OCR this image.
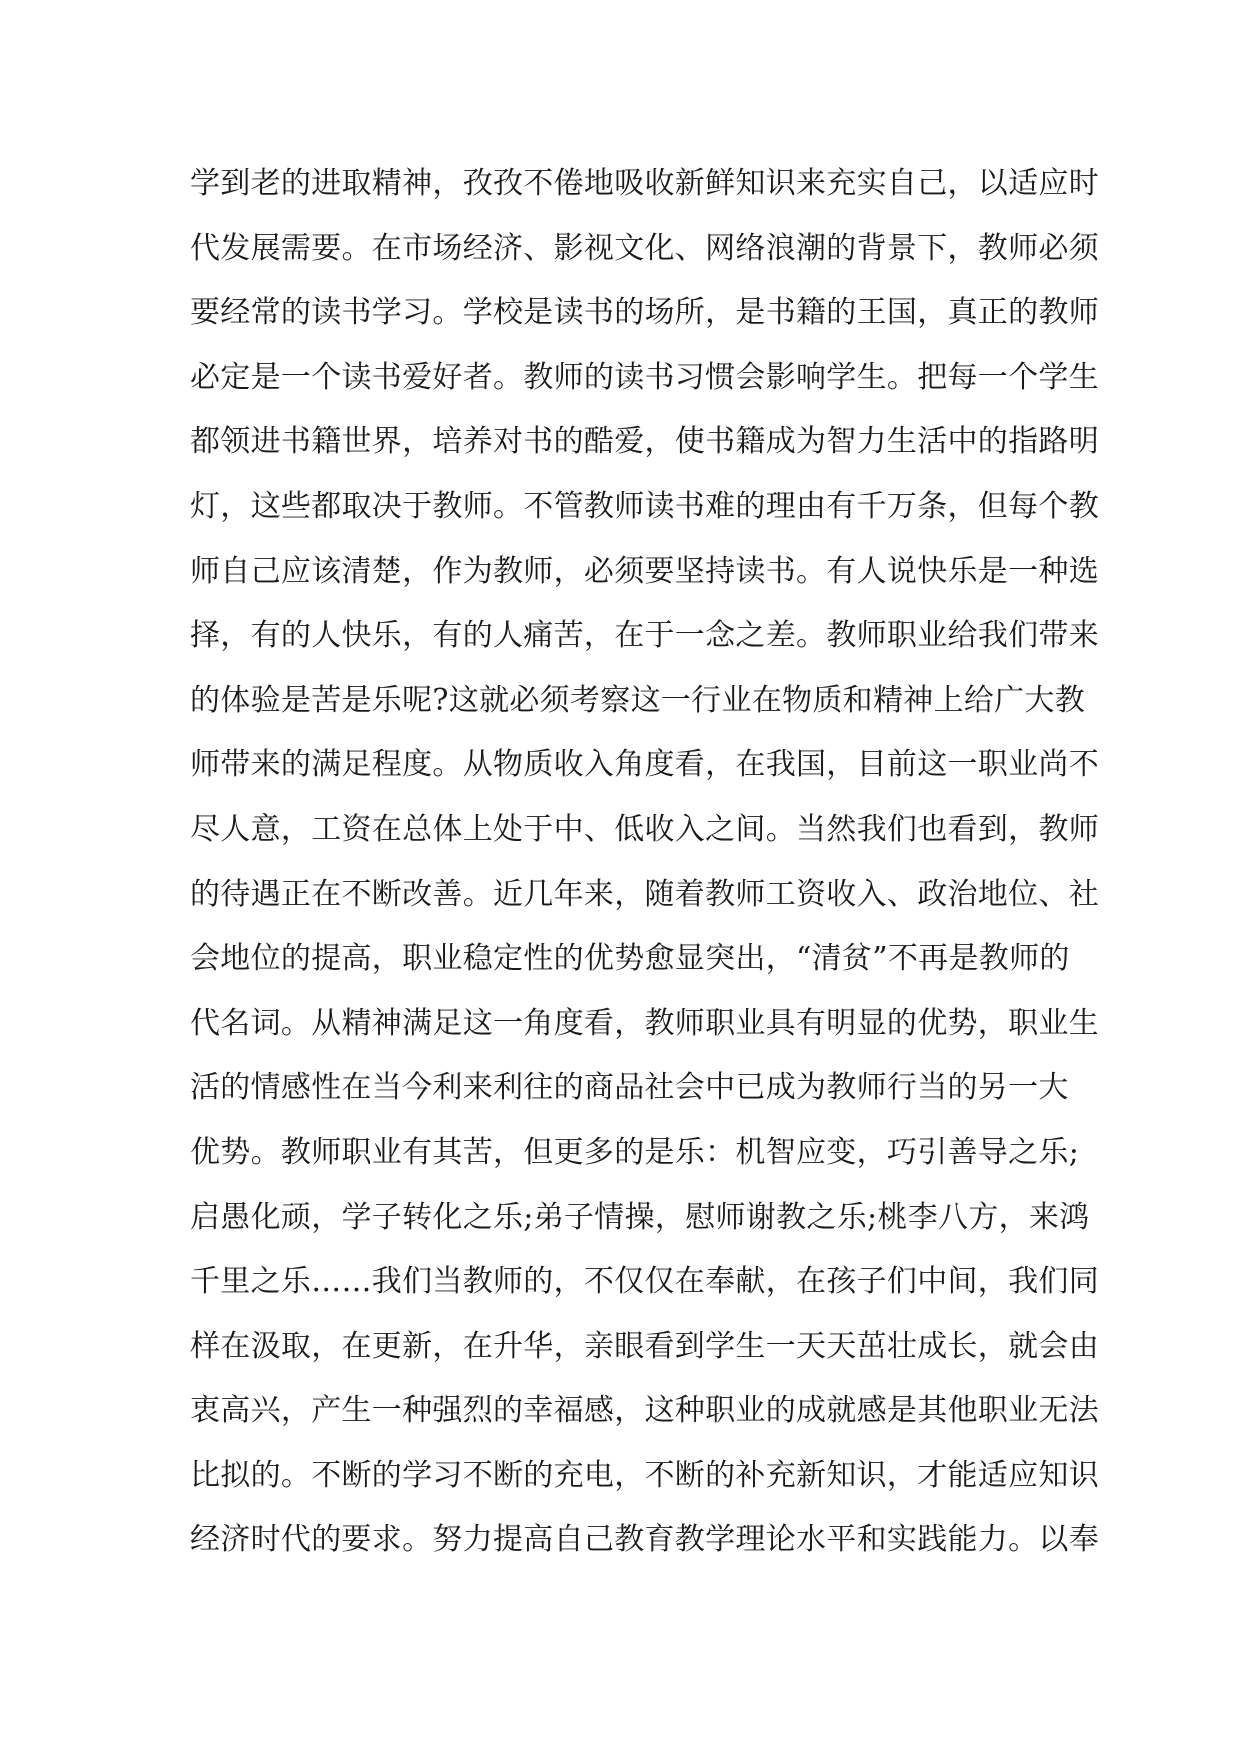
学到老的进取精神，孜孜不倦地吸收新鲜知识来充实自己，以适应时
代发展需要。在市场经济、影视文化、网络浪潮的背景下，教师必须
要经常的读书学习。学校是读书的场所，是书籍的王国，真正的教师
必定是一个读书爱好者。教师的读书习惯会影响学生。把每一个学生
都领进书籍世界，培养对书的酷爱，使书籍成为智力生活中的指路明
灯，这些都取决于教师。不管教师读书难的理由有千万条，但每个教
师自己应该清楚，作为教师，必须要坚持读书。有人说快乐是一种选
择，有的人快乐，有的人痛苦，在于一念之差。教师职业给我们带来
的体验是苦是乐呢?这就必须考察这一行业在物质和精神上给广大教
师带来的满足程度。从物质收入角度看，在我国，目前这一职业尚不
尽人意，工资在总体上处于中、低收入之间。当然我们也看到，教师
的待遇正在不断改善。近几年来，随着教师工资收入、政治地位、社
会地位的提高，职业稳定性的优势愈显突出，“清贫”不再是教师的
代名词。从精神满足这一角度看，教师职业具有明显的优势，职业生
活的情感性在当今利来利往的商品社会中已成为教师行当的另一大
优势。教师职业有其苦，但更多的是乐：机智应变，巧引善导之乐;
启愚化顽，学子转化之乐;弟子情操，慰师谢教之乐;桃李八方，来鸿
千里之乐……我们当教师的，不仅仅在奉献，在孩子们中间，我们同
样在汲取，在更新，在升华，亲眼看到学生一天天茁壮成长，就会由
衷高兴，产生一种强烈的幸福感，这种职业的成就感是其他职业无法
比拟的。不断的学习不断的充电，不断的补充新知识，才能适应知识
经济时代的要求。努力提高自己教育教学理论水平和实践能力。以奉
